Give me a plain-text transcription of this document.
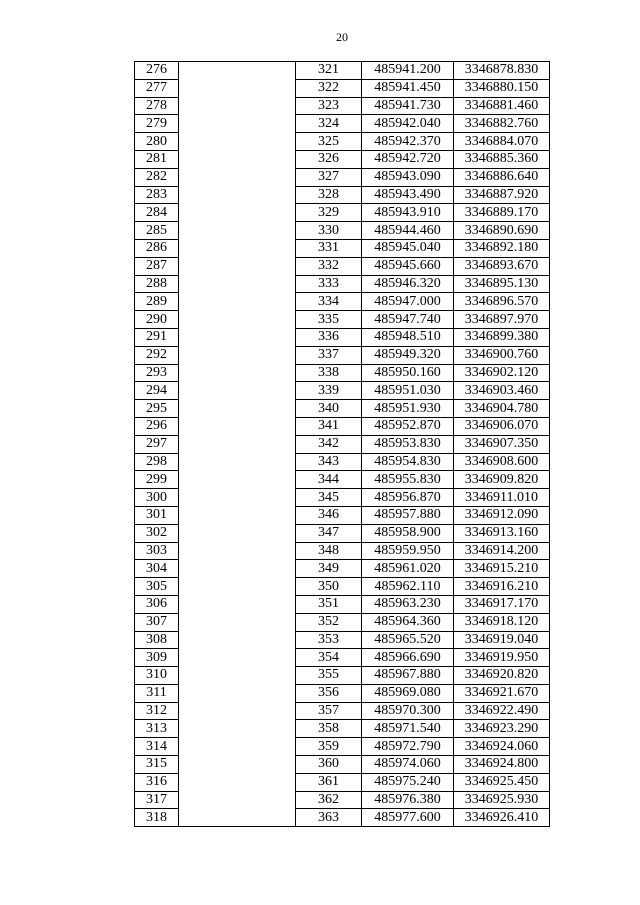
20
276		321	485941.200	3346878.830
277		322	485941.450	3346880.150
278		323	485941.730	3346881.460
279		324	485942.040	3346882.760
280		325	485942.370	3346884.070
281		326	485942.720	3346885.360
282		327	485943.090	3346886.640
283		328	485943.490	3346887.920
284		329	485943.910	3346889.170
285		330	485944.460	3346890.690
286		331	485945.040	3346892.180
287		332	485945.660	3346893.670
288		333	485946.320	3346895.130
289		334	485947.000	3346896.570
290		335	485947.740	3346897.970
291		336	485948.510	3346899.380
292		337	485949.320	3346900.760
293		338	485950.160	3346902.120
294		339	485951.030	3346903.460
295		340	485951.930	3346904.780
296		341	485952.870	3346906.070
297		342	485953.830	3346907.350
298		343	485954.830	3346908.600
299		344	485955.830	3346909.820
300		345	485956.870	3346911.010
301		346	485957.880	3346912.090
302		347	485958.900	3346913.160
303		348	485959.950	3346914.200
304		349	485961.020	3346915.210
305		350	485962.110	3346916.210
306		351	485963.230	3346917.170
307		352	485964.360	3346918.120
308		353	485965.520	3346919.040
309		354	485966.690	3346919.950
310		355	485967.880	3346920.820
311		356	485969.080	3346921.670
312		357	485970.300	3346922.490
313		358	485971.540	3346923.290
314		359	485972.790	3346924.060
315		360	485974.060	3346924.800
316		361	485975.240	3346925.450
317		362	485976.380	3346925.930
318		363	485977.600	3346926.410
